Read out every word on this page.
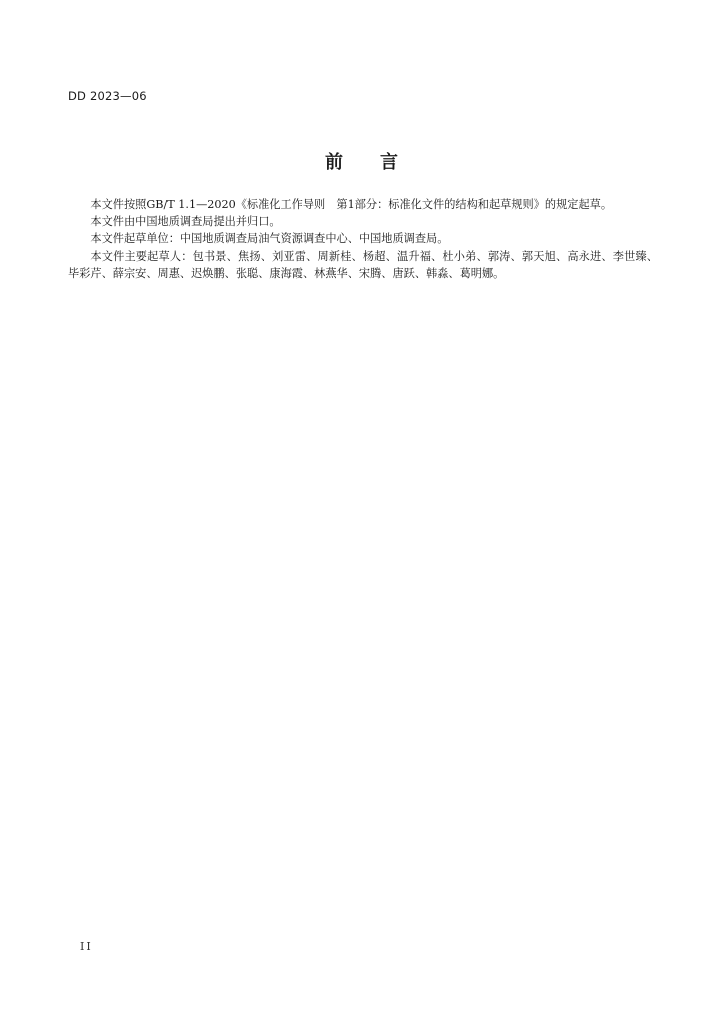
DD 2023—06
前 言

本文件按照GB/T 1.1—2020《标准化工作导则　第1部分：标准化文件的结构和起草规则》的规定起草。

本文件由中国地质调查局提出并归口。

本文件起草单位：中国地质调查局油气资源调查中心、中国地质调查局。

本文件主要起草人：包书景、焦扬、刘亚雷、周新桂、杨超、温升福、杜小弟、郭涛、郭天旭、高永进、李世臻、毕彩芹、薛宗安、周惠、迟焕鹏、张聪、康海霞、林燕华、宋腾、唐跃、韩淼、葛明娜。

II
